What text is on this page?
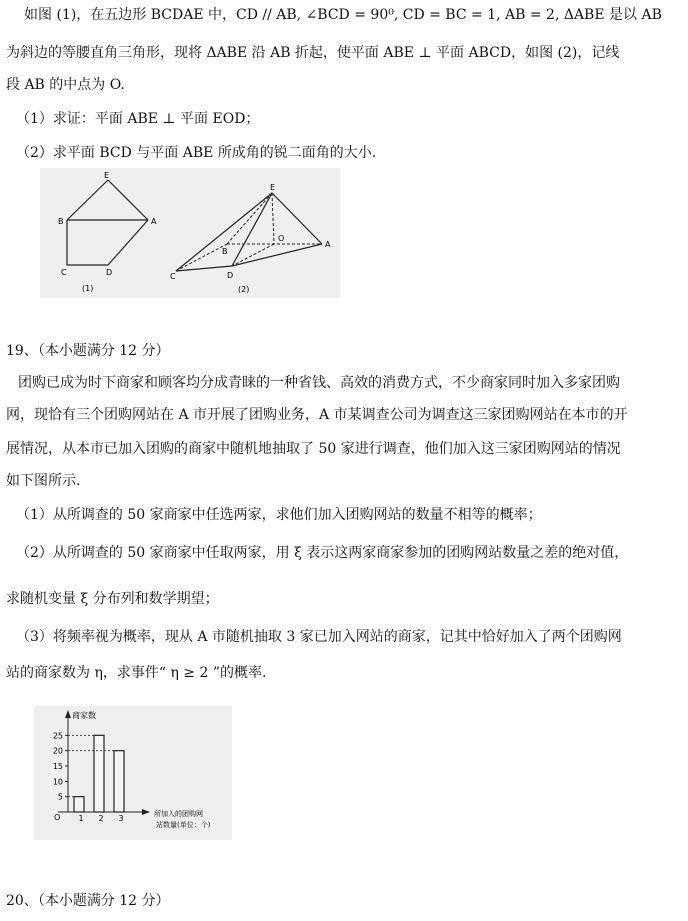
如图 (1)，在五边形 BCDAE 中，CD // AB, ∠BCD = 90⁰, CD = BC = 1, AB = 2, ΔABE 是以 AB
为斜边的等腰直角三角形，现将 ΔABE 沿 AB 折起，使平面 ABE ⊥ 平面 ABCD，如图 (2)，记线
段 AB 的中点为 O.
（1）求证：平面 ABE ⊥ 平面 EOD；
（2）求平面 BCD 与平面 ABE 所成角的锐二面角的大小.
E
B	A
C	D
(1)
E
B
O
A
C	D
(2)
19、（本小题满分 12 分）
团购已成为时下商家和顾客均分成青睐的一种省钱、高效的消费方式，不少商家同时加入多家团购
网，现恰有三个团购网站在 A 市开展了团购业务，A 市某调查公司为调查这三家团购网站在本市的开
展情况，从本市已加入团购的商家中随机地抽取了 50 家进行调查，他们加入这三家团购网站的情况
如下图所示.
（1）从所调查的 50 家商家中任选两家，求他们加入团购网站的数量不相等的概率；
（2）从所调查的 50 家商家中任取两家，用 ξ 表示这两家商家参加的团购网站数量之差的绝对值，
求随机变量 ξ 分布列和数学期望；
（3）将频率视为概率，现从 A 市随机抽取 3 家已加入网站的商家，记其中恰好加入了两个团购网
站的商家数为 η，求事件“ η ≥ 2 ”的概率.
商家数
O	所加入的团购网
站数量(单位：个)
5
10
15
20
25
1 2 3
20、（本小题满分 12 分）
